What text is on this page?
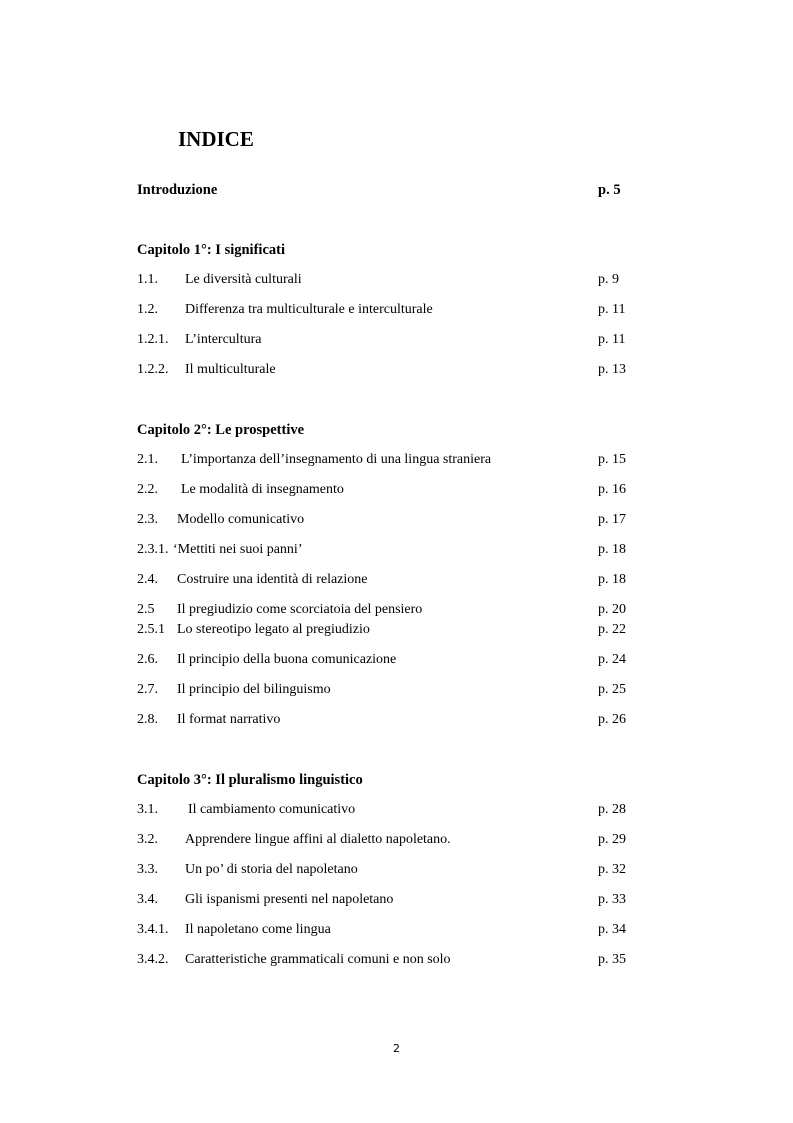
INDICE
Introduzione	p. 5
Capitolo 1°: I significati
1.1. Le diversità culturali	p. 9
1.2. Differenza tra multiculturale e interculturale	p. 11
1.2.1. L’intercultura	p. 11
1.2.2. Il multiculturale	p. 13
Capitolo 2°: Le prospettive
2.1. L’importanza dell’insegnamento di una lingua straniera	p. 15
2.2. Le modalità di insegnamento	p. 16
2.3. Modello comunicativo	p. 17
2.3.1. ‘Mettiti nei suoi panni’	p. 18
2.4. Costruire una identità di relazione	p. 18
2.5 Il pregiudizio come scorciatoia del pensiero	p. 20
2.5.1 Lo stereotipo legato al pregiudizio	p. 22
2.6. Il principio della buona comunicazione	p. 24
2.7. Il principio del bilinguismo	p. 25
2.8. Il format narrativo	p. 26
Capitolo 3°: Il pluralismo linguistico
3.1. Il cambiamento comunicativo	p. 28
3.2. Apprendere lingue affini al dialetto napoletano.	p. 29
3.3. Un po’ di storia del napoletano	p. 32
3.4. Gli ispanismi presenti nel napoletano	p. 33
3.4.1. Il napoletano come lingua	p. 34
3.4.2. Caratteristiche grammaticali comuni e non solo	p. 35
2
